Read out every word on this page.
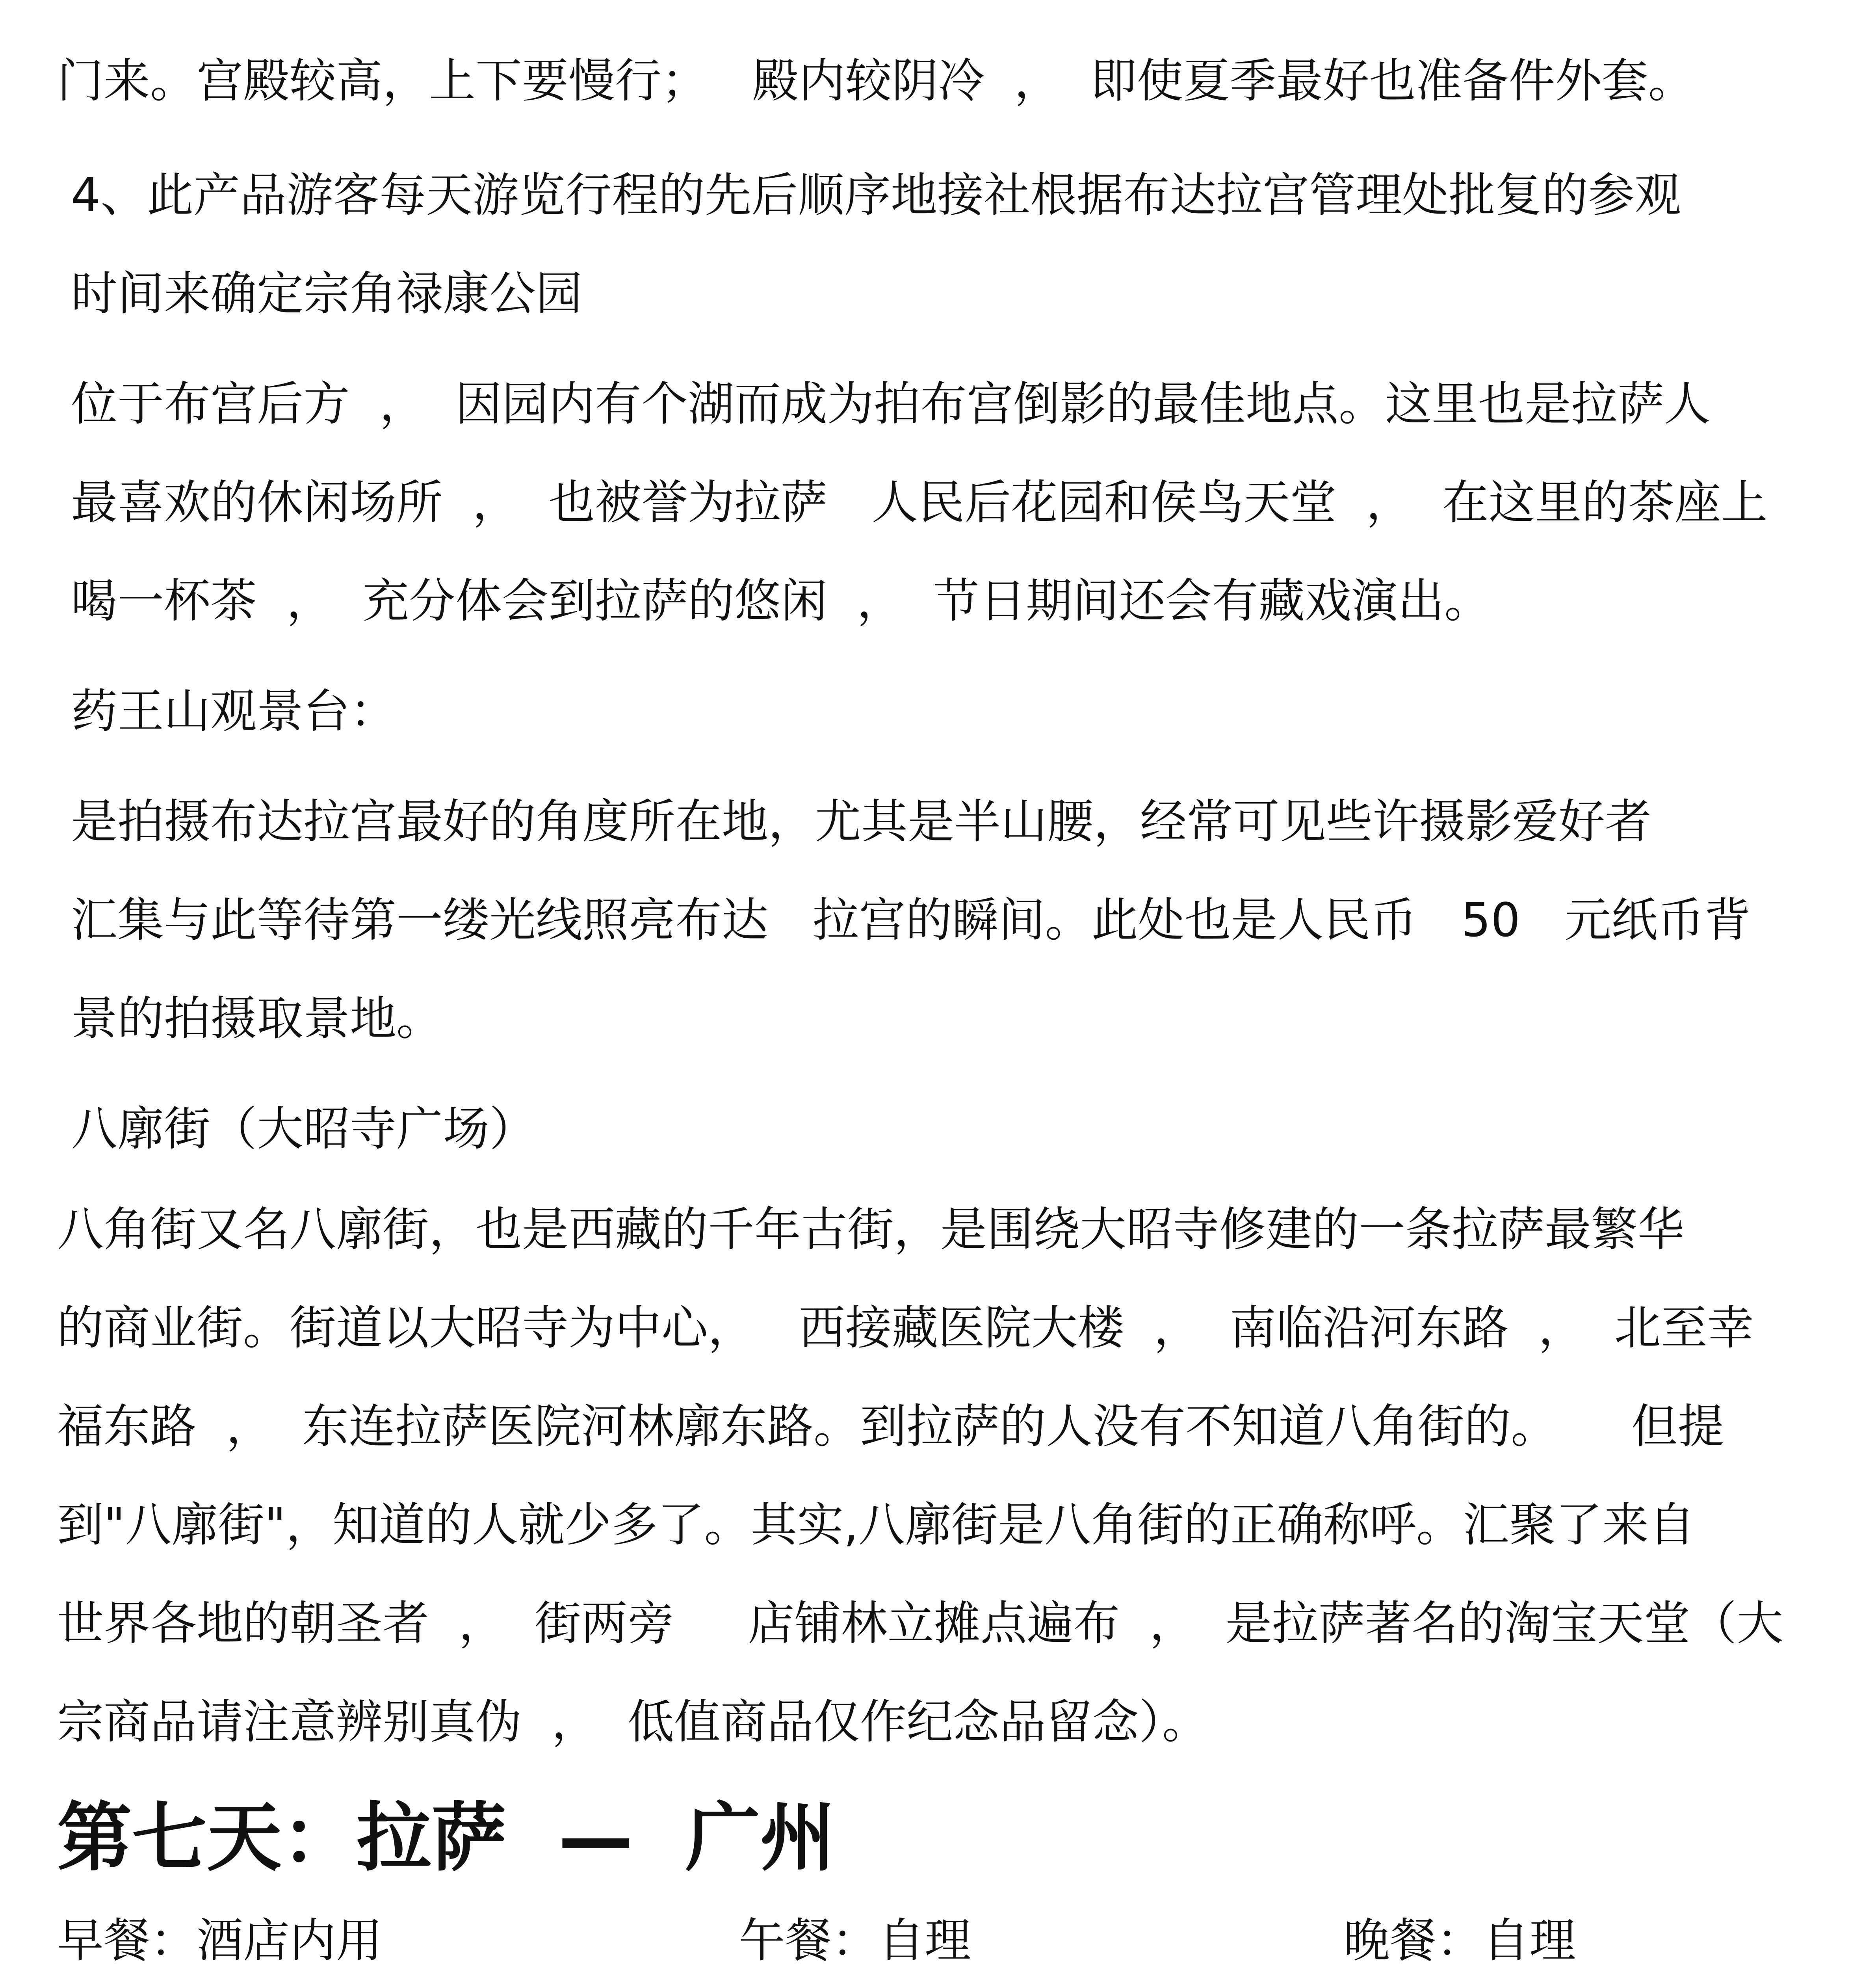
门来。宫殿较高，上下要慢行；   殿内较阴冷  ，  即使夏季最好也准备件外套。
4、此产品游客每天游览行程的先后顺序地接社根据布达拉宫管理处批复的参观
时间来确定宗角禄康公园
位于布宫后方  ，  因园内有个湖而成为拍布宫倒影的最佳地点。这里也是拉萨人
最喜欢的休闲场所  ，  也被誉为拉萨   人民后花园和侯鸟天堂  ，  在这里的茶座上
喝一杯茶  ，  充分体会到拉萨的悠闲  ，  节日期间还会有藏戏演出。
药王山观景台：
是拍摄布达拉宫最好的角度所在地，尤其是半山腰，经常可见些许摄影爱好者
汇集与此等待第一缕光线照亮布达   拉宫的瞬间。此处也是人民币   50   元纸币背
景的拍摄取景地。
八廓街（大昭寺广场）
八角街又名八廓街，也是西藏的千年古街，是围绕大昭寺修建的一条拉萨最繁华
的商业街。街道以大昭寺为中心，   西接藏医院大楼  ，  南临沿河东路  ，  北至幸
福东路  ，  东连拉萨医院河林廓东路。到拉萨的人没有不知道八角街的。     但提
到"八廓街"，知道的人就少多了。其实,八廓街是八角街的正确称呼。汇聚了来自
世界各地的朝圣者  ，  街两旁     店铺林立摊点遍布  ，  是拉萨著名的淘宝天堂（大
宗商品请注意辨别真伪  ，  低值商品仅作纪念品留念）。
第七天：拉萨  —  广州
早餐：酒店内用	午餐：自理	晚餐：自理
